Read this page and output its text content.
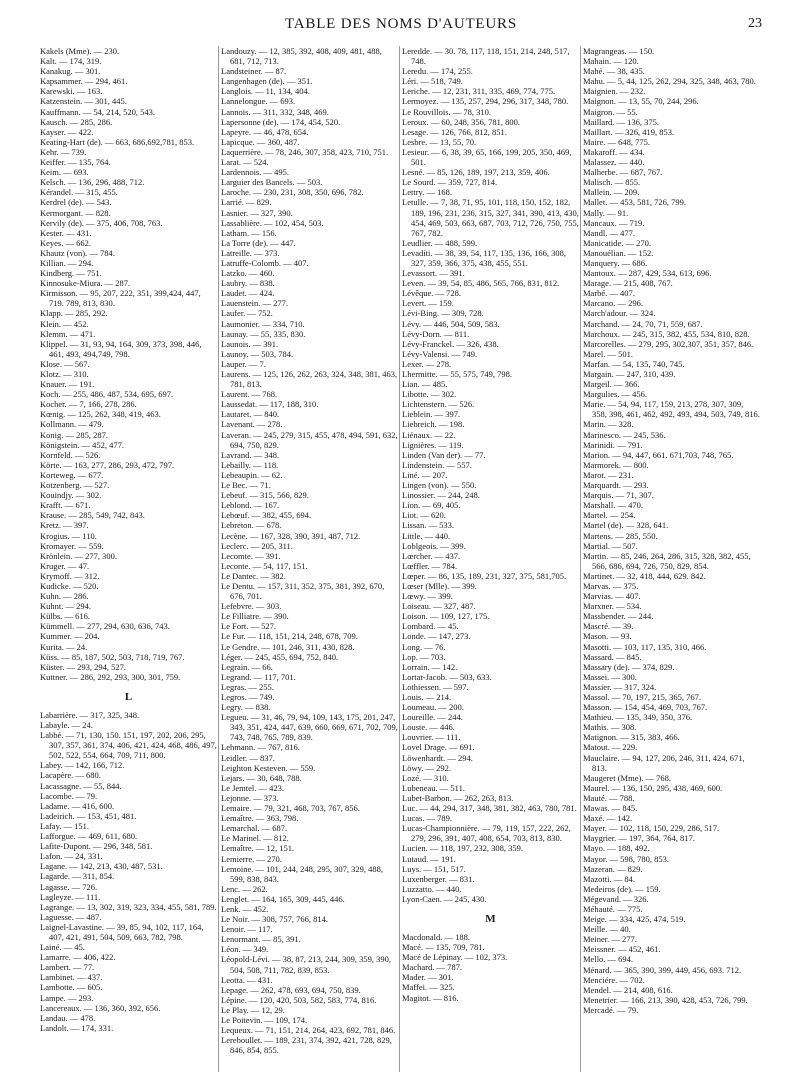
TABLE DES NOMS D'AUTEURS	23
Kakels (Mme). — 230.
Kalt. — 174, 319.
Kanakug. — 301.
Kapsammer. — 294, 461.
Karewski. — 163.
Katzenstein. — 301, 445.
Kauffmann. — 54, 214, 520, 543.
Kausch. — 285, 286.
Kayser. — 422.
Keating-Hart (de). — 663, 686,692,781, 853.
Kehr. — 739.
Keiffer. — 135, 764.
Keim. — 693.
Kelsch. — 136, 296, 488, 712.
Kérandel. — 315, 455.
Kerdrel (de). — 543.
Kermorgant. — 828.
Kervily (de). — 375, 406, 708, 763.
Kester. — 431.
Keyes. — 662.
Khautz (von). — 784.
Killian. — 294.
Kindberg. — 751.
Kinnosuke-Miura. — 287.
Kirmisson. — 95, 207, 222, 351, 399,424, 447, 719. 789, 813, 830.
Klapp. — 285, 292.
Klein. — 452.
Klemm. — 471.
Klippel. — 31, 93, 94, 164, 309, 373, 398, 446, 461, 493, 494,749, 798.
Klose. — 567.
Klotz. — 310.
Knauer. — 191.
Koch. — 255, 486, 487, 534, 695, 697.
Kocher. — 7, 166, 278, 286.
Kœnig. — 125, 262, 348, 419, 463.
Kollmann. — 479.
Konig. — 285, 287.
Königstein. — 452, 477.
Kornfeld. — 526.
Körte. — 163, 277, 286, 293, 472, 797.
Korteweg. — 677.
Kotzenberg. — 527.
Kouindjy. — 302.
Krafft. — 671.
Krause. — 285, 549, 742, 843.
Kretz. — 397.
Krogius. — 110.
Kromayer. — 559.
Krönlein. — 277, 300.
Kruger. — 47.
Krymoff. — 312.
Kudicke. — 520.
Kuhn. — 286.
Kuhnt. — 294.
Külbs. — 616.
Kümmell. — 277, 294, 630, 636, 743.
Kummer. — 204.
Kurita. — 24.
Küss. — 85, 187, 502, 503, 718, 719, 767.
Küster. — 293, 294, 527.
Kuttner. — 286, 292, 293, 300, 301, 759.
L
Labarrière. — 317, 325, 348.
Labayle. — 24.
Labbé. — 71, 130, 150. 151, 197, 202, 206, 295, 307, 357, 361, 374, 406, 421, 424, 468, 486, 497, 502, 522, 554, 664, 709, 711, 800.
Labey. — 142, 166, 712.
Lacapère. — 680.
Lacassagne. — 55, 844.
Lacombe. — 79.
Ladame. — 416, 600.
Ladeirich. — 153, 451, 481.
Lafay. — 151.
Lafforgue. — 469, 611, 680.
Lafite-Dupont. — 296, 348, 581.
Lafon. — 24, 331.
Lagane. — 142, 213, 430, 487, 531.
Lagarde. — 311, 854.
Lagasse. — 726.
Lagleyze. — 111.
Lagrange. — 13, 302, 319, 323, 334, 455, 581, 789.
Laguesse. — 487.
Laignel-Lavastine. — 39, 85, 94, 102, 117, 164, 407, 421, 491, 504, 509, 663, 782, 798.
Lainé. — 45.
Lamarre. — 406, 422.
Lambert. — 77.
Lambinet. — 437.
Lambotte. — 605.
Lampe. — 293.
Lancereaux. — 136, 360, 392, 656.
Landau. — 478.
Landolt. — 174, 331.
Landouzy. — 12, 385, 392, 408, 409, 481, 488, 681, 712, 713.
Landsteiner. — 87.
Langenhagen (de). — 351.
Langlois. — 11, 134, 404.
Lannelongue. — 693.
Lannois. — 311, 332, 348, 469.
Lapersonne (de). — 174, 454, 520.
Lapeyre. — 46, 478, 654.
Lapicque. — 360, 487.
Laquerrière. — 78, 246, 307, 358, 423, 710, 751.
Larat. — 524.
Lardennois. — 495.
Larguier des Bancels. — 503.
Laroche. — 230, 231, 308, 350, 696, 782.
Larrié. — 829.
Lasnier. — 327, 390.
Lassablière. — 102, 454, 503.
Latham. — 156.
La Torre (de). — 447.
Latreille. — 373.
Latruffe-Colomb. — 407.
Latzko. — 460.
Laubry. — 838.
Laudet. — 424.
Lauenstein. — 277.
Laufer. — 752.
Laumonier. — 334, 710.
Launay. — 55, 335, 830.
Launois. — 391.
Launoy. — 503, 784.
Lauper. — 7.
Laurens. — 125, 126, 262, 263, 324, 348, 381, 463, 781, 813.
Laurent. — 768.
Laussedat. — 117, 188, 310.
Lautaret. — 840.
Lavenant. — 278.
Laveran. — 245, 279, 315, 455, 478, 494, 591, 632, 694, 750, 829.
Lavrand. — 348.
Lebailly. — 118.
Lebeaupin. — 62.
Le Bec. — 71.
Lebeuf. — 315, 566, 829.
Leblond. — 167.
Lebœuf. — 382, 455, 694.
Lebreton. — 678.
Lecène. — 167, 328, 390, 391, 487, 712.
Leclerc. — 205, 311.
Lecomte. — 391.
Leconte. — 54, 117, 151.
Le Dantec. — 382.
Le Dentu. — 157, 311, 352, 375, 381, 392, 670, 676, 701.
Lefebvre. — 303.
Le Filliatre. — 390.
Le Fort. — 527.
Le Fur. — 118, 151, 214, 248, 678, 709.
Le Gendre. — 101, 246, 311, 430, 828.
Léger. — 245, 455, 694, 752, 840.
Legrain. — 66.
Legrand. — 117, 701.
Legras. — 255.
Legros. — 749.
Legry. — 838.
Legueu. — 31, 46, 79, 94, 109, 143, 175, 201, 247, 343, 351, 424, 447, 639, 660, 669, 671, 702, 709, 743, 748, 765, 789, 839.
Lehmann. — 767, 816.
Leidler. — 837.
Leighton Kesteven. — 559.
Lejars. — 30, 648, 788.
Le Jemtel. — 423.
Lejonne. — 373.
Lemaire. — 79, 321, 468, 703, 767, 856.
Lemaître. — 363, 798.
Lemarchal. — 687.
Le Marinel. — 812.
Lemaître. — 12, 151.
Lemierre. — 270.
Lemoine. — 101, 244, 248, 295, 307, 329, 488, 599, 838, 843.
Lenc. — 262.
Lenglet. — 164, 165, 309, 445, 446.
Lenk. — 452.
Le Noir. — 308, 757, 766, 814.
Lenoir. — 117.
Lenormant. — 85, 391.
Léon. — 349.
Léopold-Lévi. — 38, 87, 213, 244, 309, 359, 390, 504, 508, 711, 782, 839, 853.
Leotta. — 431.
Lepage. — 262, 478, 693, 694, 750, 839.
Lépine. — 120, 420, 503, 582, 583, 774, 816.
Le Play. — 12, 29.
Le Poitevin. — 109, 174.
Lequeux. — 71, 151, 214, 264, 423, 692, 781, 846.
Lereboullet. — 189, 231, 374, 392, 421, 728, 829, 846, 854, 855.
Leredde. — 30. 78, 117, 118, 151, 214, 248, 517, 748.
Leredu. — 174, 255.
Léri. — 518, 749.
Leriche. — 12, 231, 311, 335, 469, 774, 775.
Lermoyez. — 135, 257, 294, 296, 317, 348, 780.
Le Rouvillois. — 78, 310.
Leroux. — 60, 248, 356, 781, 800.
Lesage. — 126, 766, 812, 851.
Lesbre. — 13, 55, 70.
Lesieur. — 6, 38, 39, 65, 166, 199, 205, 350, 469, 501.
Lesné. — 85, 126, 189, 197, 213, 359, 406.
Le Sourd. — 359, 727, 814.
Lettry. — 168.
Letulle. — 7, 38, 71, 95, 101, 118, 150, 152, 182, 189, 196, 231, 236, 315, 327, 341, 390, 413, 430, 454, 469, 503, 663, 687, 703, 712, 726, 750, 755, 767, 782.
Leudlier. — 488, 599.
Levaditi. — 38, 39, 54, 117, 135, 136, 166, 308, 327, 359, 366, 375, 438, 455, 551.
Levassort. — 391.
Leven. — 39, 54, 85, 486, 565, 766, 831, 812.
Lévêque. — 728.
Levert. — 159.
Lévi-Bing. — 309, 728.
Lévy. — 446, 504, 509, 583.
Lévy-Dorn. — 811.
Lévy-Franckel. — 326, 438.
Lévy-Valensi. — 749.
Lexer. — 278.
Lhermitte. — 55, 575, 749, 798.
Lian. — 485.
Libotte. — 302.
Lichtenstern. — 526.
Lieblein. — 397.
Liebreich. — 198.
Liénaux. — 22.
Lignières. — 119.
Linden (Van der). — 77.
Lindenstein. — 557.
Liné. — 207.
Lingen (von). — 550.
Linossier. — 244, 248.
Lion. — 69, 405.
Liot. — 620.
Lissan. — 533.
Little. — 440.
Loblgeois. — 399.
Lœrcher. — 437.
Lœffler. — 784.
Lœper. — 86, 135, 189, 231, 327, 375, 581,705.
Lœser (Mlle). — 399.
Lœwy. — 399.
Loiseau. — 327, 487.
Loison. — 109, 127, 175.
Lombard. — 45.
Londe. — 147, 273.
Long. — 76.
Lop. — 703.
Lorrain. — 142.
Lortat-Jacob. — 503, 633.
Lothiessen. — 597.
Louis. — 214.
Loumeau. — 200.
Loureille. — 244.
Louste. — 446.
Louvrier. — 111.
Lovel Drage. — 691.
Löwenhardt. — 294.
Löwy. — 292.
Lozé. — 310.
Lubeneau. — 511.
Lubet-Barbon. — 262, 263, 813.
Luc. — 44, 294, 317, 348, 381, 382, 463, 780, 781.
Lucas. — 789.
Lucas-Championnière. — 79, 119, 157, 222, 262, 279, 296, 391, 407, 408, 654, 703, 813, 830.
Lucien. — 118, 197, 232, 308, 359.
Lutaud. — 191.
Luys. — 151, 517.
Luxenberger. — 831.
Luzzatto. — 440.
Lyon-Caen. — 245, 430.
M
Macdonald. — 188.
Macé. — 135, 709, 781.
Macé de Lépinay. — 102, 373.
Machard. — 787.
Mader. — 301.
Maffei. — 325.
Magitot. — 816.
Magrangeas. — 150.
Mahain. — 120.
Mahé. — 38, 435.
Mahu. — 5, 44, 125, 262, 294, 325, 348, 463, 780.
Maignien. — 232.
Maignon. — 13, 55, 70, 244, 296.
Maigron. — 55.
Maillard. — 136, 375.
Maillart. — 326, 419, 853.
Maire. — 648, 775.
Makaroff. — 434.
Malassez. — 440.
Malherbe. — 687, 767.
Malisch. — 855.
Mallein. — 209.
Mallet. — 453, 581, 726, 799.
Mally. — 91.
Mancaux. — 719.
Mandl. — 477.
Manicatide. — 270.
Manouélian. — 152.
Manquery. — 686.
Mantoux. — 287, 429, 534, 613, 696.
Marage. — 215, 408, 767.
Marbé. — 407.
Marcano. — 296.
March'adour. — 324.
Marchand. — 24, 70, 71, 559, 687.
Marchoux. — 245, 315, 382, 455, 534, 810, 828.
Marcorelles. — 279, 295, 302,307, 351, 357, 846.
Marel. — 501.
Marfan. — 54, 135, 740, 745.
Margain. — 247, 310, 439.
Margeil. — 366.
Margulies. — 456.
Marie. — 54, 94, 117, 159, 213, 278, 307, 309, 358, 398, 461, 462, 492, 493, 494, 503, 749, 816.
Marin. — 328.
Marinesco. — 245, 536.
Marinidi. — 791.
Marion. — 94, 447, 661. 671,703, 748, 765.
Marmorek. — 800.
Marot. — 231.
Marquardt. — 293.
Marquis. — 71, 307.
Marshall. — 470.
Martel. — 254.
Martel (de). — 328, 641.
Martens. — 285, 550.
Martial. — 507.
Martin. — 85, 246, 264, 286, 315, 328, 382, 455, 566, 686, 694, 726, 750, 829, 854.
Martinet. — 32, 418, 444, 629. 842.
Marvas. — 375.
Marvias. — 407.
Marxner. — 534.
Massbender. — 244.
Mascré. — 39.
Mason. — 93.
Masotti. — 103, 117, 135, 310, 466.
Massard. — 845.
Massary (de). — 374, 829.
Massei. — 300.
Massier. — 317, 324.
Massol. — 70, 197, 215, 365, 767.
Masson. — 154, 454, 469, 703, 767.
Mathieu. — 135, 349, 350, 376.
Mathis. — 308.
Matignon. — 315, 383, 466.
Matout. — 229.
Mauclaire. — 94, 127, 206, 246, 311, 424, 671, 813.
Maugeret (Mme). — 768.
Maurel. — 136, 150, 295, 438, 469, 600.
Mauté. — 788.
Mawas. — 845.
Maxé. — 142.
Mayer. — 102, 118, 150, 229, 286, 517.
Maygrier. — 197, 364, 764, 817.
Mayo. — 188, 492.
Mayor. — 598, 780, 853.
Mazeran. — 829.
Mazotti. — 84.
Medeiros (de). — 159.
Mégevand. — 326.
Méhauté. — 775.
Meige. — 334, 425, 474, 519.
Meille. — 40.
Meiner. — 277.
Meissner. — 452, 461.
Mello. — 694.
Ménard. — 365, 390, 399, 449, 456, 693. 712.
Menciére. — 702.
Mendel. — 214, 408, 616.
Menetrier. — 166, 213, 390, 428, 453, 726, 799.
Mercadé. — 79.
